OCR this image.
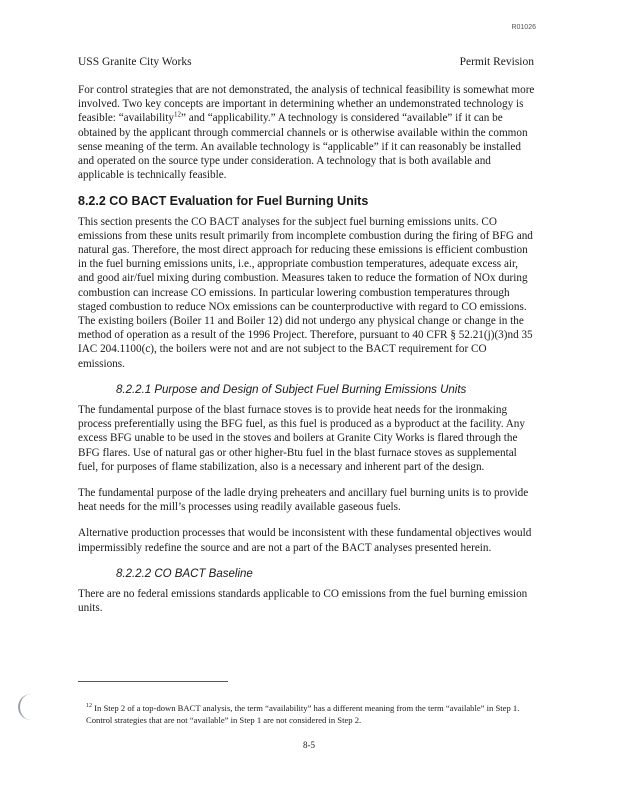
R01026
USS Granite City Works	Permit Revision

For control strategies that are not demonstrated, the analysis of technical feasibility is somewhat more involved. Two key concepts are important in determining whether an undemonstrated technology is feasible: “availability$^{12}$” and “applicability.” A technology is considered “available” if it can be obtained by the applicant through commercial channels or is otherwise available within the common sense meaning of the term. An available technology is “applicable” if it can reasonably be installed and operated on the source type under consideration. A technology that is both available and applicable is technically feasible.

8.2.2 CO BACT Evaluation for Fuel Burning Units

This section presents the CO BACT analyses for the subject fuel burning emissions units. CO emissions from these units result primarily from incomplete combustion during the firing of BFG and natural gas. Therefore, the most direct approach for reducing these emissions is efficient combustion in the fuel burning emissions units, i.e., appropriate combustion temperatures, adequate excess air, and good air/fuel mixing during combustion. Measures taken to reduce the formation of NOx during combustion can increase CO emissions. In particular lowering combustion temperatures through staged combustion to reduce NOx emissions can be counterproductive with regard to CO emissions. The existing boilers (Boiler 11 and Boiler 12) did not undergo any physical change or change in the method of operation as a result of the 1996 Project. Therefore, pursuant to 40 CFR § 52.21(j)(3)nd 35 IAC 204.1100(c), the boilers were not and are not subject to the BACT requirement for CO emissions.

8.2.2.1 Purpose and Design of Subject Fuel Burning Emissions Units

The fundamental purpose of the blast furnace stoves is to provide heat needs for the ironmaking process preferentially using the BFG fuel, as this fuel is produced as a byproduct at the facility. Any excess BFG unable to be used in the stoves and boilers at Granite City Works is flared through the BFG flares. Use of natural gas or other higher-Btu fuel in the blast furnace stoves as supplemental fuel, for purposes of flame stabilization, also is a necessary and inherent part of the design.

The fundamental purpose of the ladle drying preheaters and ancillary fuel burning units is to provide heat needs for the mill’s processes using readily available gaseous fuels.

Alternative production processes that would be inconsistent with these fundamental objectives would impermissibly redefine the source and are not a part of the BACT analyses presented herein.

8.2.2.2 CO BACT Baseline

There are no federal emissions standards applicable to CO emissions from the fuel burning emission units.

$^{12}$ In Step 2 of a top-down BACT analysis, the term “availability” has a different meaning from the term “available” in Step 1. Control strategies that are not “available” in Step 1 are not considered in Step 2.
8-5
